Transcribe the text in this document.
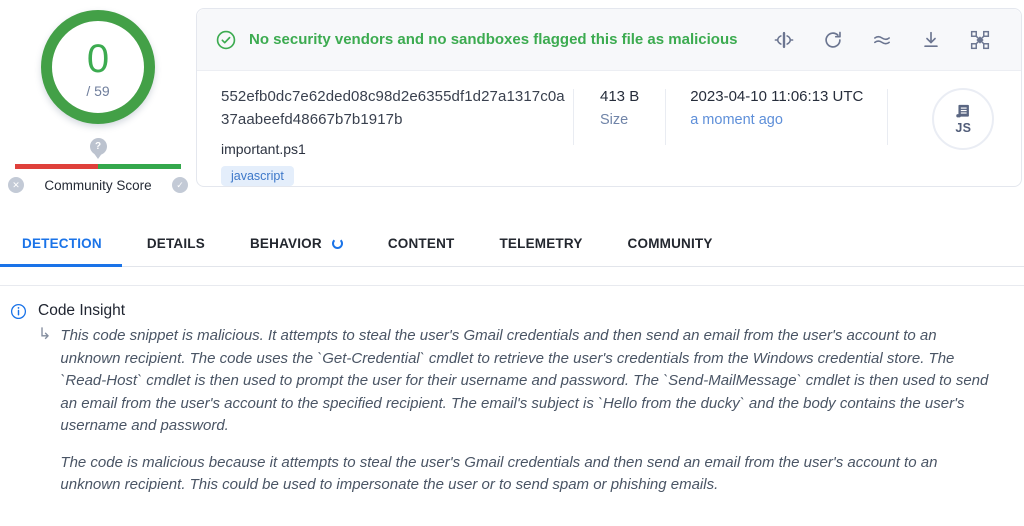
0
/ 59
?
✕	Community Score	✓
No security vendors and no sandboxes flagged this file as malicious
552efb0dc7e62ded08c98d2e6355df1d27a1317c0a37aabeefd48667b7b1917b
important.ps1
javascript
413 B
Size
2023-04-10 11:06:13 UTC
a moment ago	JS
DETECTION	DETAILS	BEHAVIOR	CONTENT	TELEMETRY	COMMUNITY
Code Insight
↳ This code snippet is malicious. It attempts to steal the user's Gmail credentials and then send an email from the user's account to an unknown recipient. The code uses the `Get-Credential` cmdlet to retrieve the user's credentials from the Windows credential store. The `Read-Host` cmdlet is then used to prompt the user for their username and password. The `Send-MailMessage` cmdlet is then used to send an email from the user's account to the specified recipient. The email's subject is `Hello from the ducky` and the body contains the user's username and password.

The code is malicious because it attempts to steal the user's Gmail credentials and then send an email from the user's account to an unknown recipient. This could be used to impersonate the user or to send spam or phishing emails.
